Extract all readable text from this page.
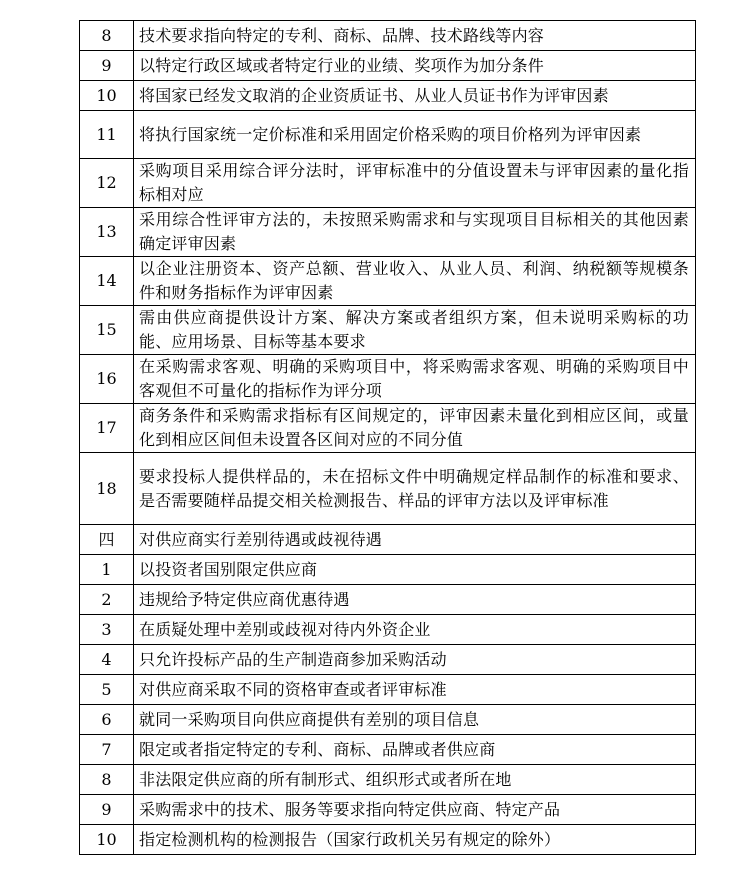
8	技术要求指向特定的专利、商标、品牌、技术路线等内容
9	以特定行政区域或者特定行业的业绩、奖项作为加分条件
10	将国家已经发文取消的企业资质证书、从业人员证书作为评审因素
11	将执行国家统一定价标准和采用固定价格采购的项目价格列为评审因素
12	采购项目采用综合评分法时，评审标准中的分值设置未与评审因素的量化指标相对应
13	采用综合性评审方法的，未按照采购需求和与实现项目目标相关的其他因素确定评审因素
14	以企业注册资本、资产总额、营业收入、从业人员、利润、纳税额等规模条件和财务指标作为评审因素
15	需由供应商提供设计方案、解决方案或者组织方案，但未说明采购标的功能、应用场景、目标等基本要求
16	在采购需求客观、明确的采购项目中，将采购需求客观、明确的采购项目中客观但不可量化的指标作为评分项
17	商务条件和采购需求指标有区间规定的，评审因素未量化到相应区间，或量化到相应区间但未设置各区间对应的不同分值
18	要求投标人提供样品的，未在招标文件中明确规定样品制作的标准和要求、是否需要随样品提交相关检测报告、样品的评审方法以及评审标准
四	对供应商实行差别待遇或歧视待遇
1	以投资者国别限定供应商
2	违规给予特定供应商优惠待遇
3	在质疑处理中差别或歧视对待内外资企业
4	只允许投标产品的生产制造商参加采购活动
5	对供应商采取不同的资格审查或者评审标准
6	就同一采购项目向供应商提供有差别的项目信息
7	限定或者指定特定的专利、商标、品牌或者供应商
8	非法限定供应商的所有制形式、组织形式或者所在地
9	采购需求中的技术、服务等要求指向特定供应商、特定产品
10	指定检测机构的检测报告（国家行政机关另有规定的除外）
